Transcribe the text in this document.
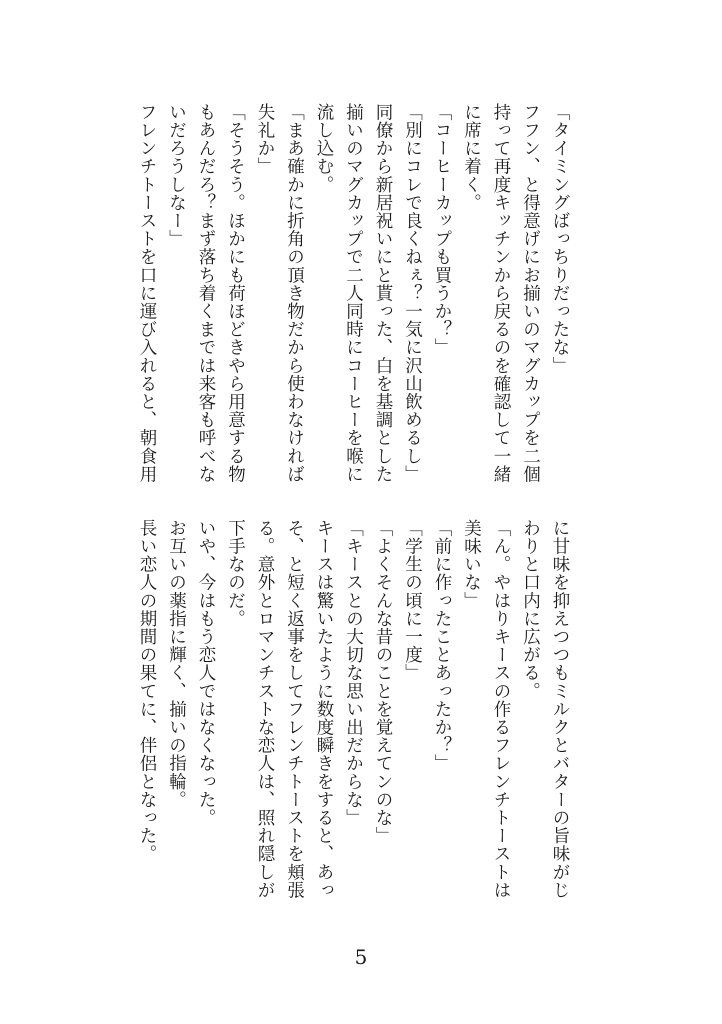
「タイミングばっちりだったな」
フフン、と得意げにお揃いのマグカップを二個
持って再度キッチンから戻るのを確認して一緒
に席に着く。
「コーヒーカップも買うか？」
「別にコレで良くねぇ？一気に沢山飲めるし」
同僚から新居祝いにと貰った、白を基調とした
揃いのマグカップで二人同時にコーヒーを喉に
流し込む。
「まあ確かに折角の頂き物だから使わなければ
失礼か」
「そうそう。ほかにも荷ほどきやら用意する物
もあんだろ？まず落ち着くまでは来客も呼べな
いだろうしなー」
フレンチトーストを口に運び入れると、朝食用
に甘味を抑えつつもミルクとバターの旨味がじ
わりと口内に広がる。
「ん。やはりキースの作るフレンチトーストは
美味いな」
「前に作ったことあったか？」
「学生の頃に一度」
「よくそんな昔のことを覚えてンのな」
「キースとの大切な思い出だからな」
キースは驚いたように数度瞬きをすると、あっ
そ、と短く返事をしてフレンチトーストを頬張
る。意外とロマンチストな恋人は、照れ隠しが
下手なのだ。
いや、今はもう恋人ではなくなった。
お互いの薬指に輝く、揃いの指輪。
長い恋人の期間の果てに、伴侶となった。
5
